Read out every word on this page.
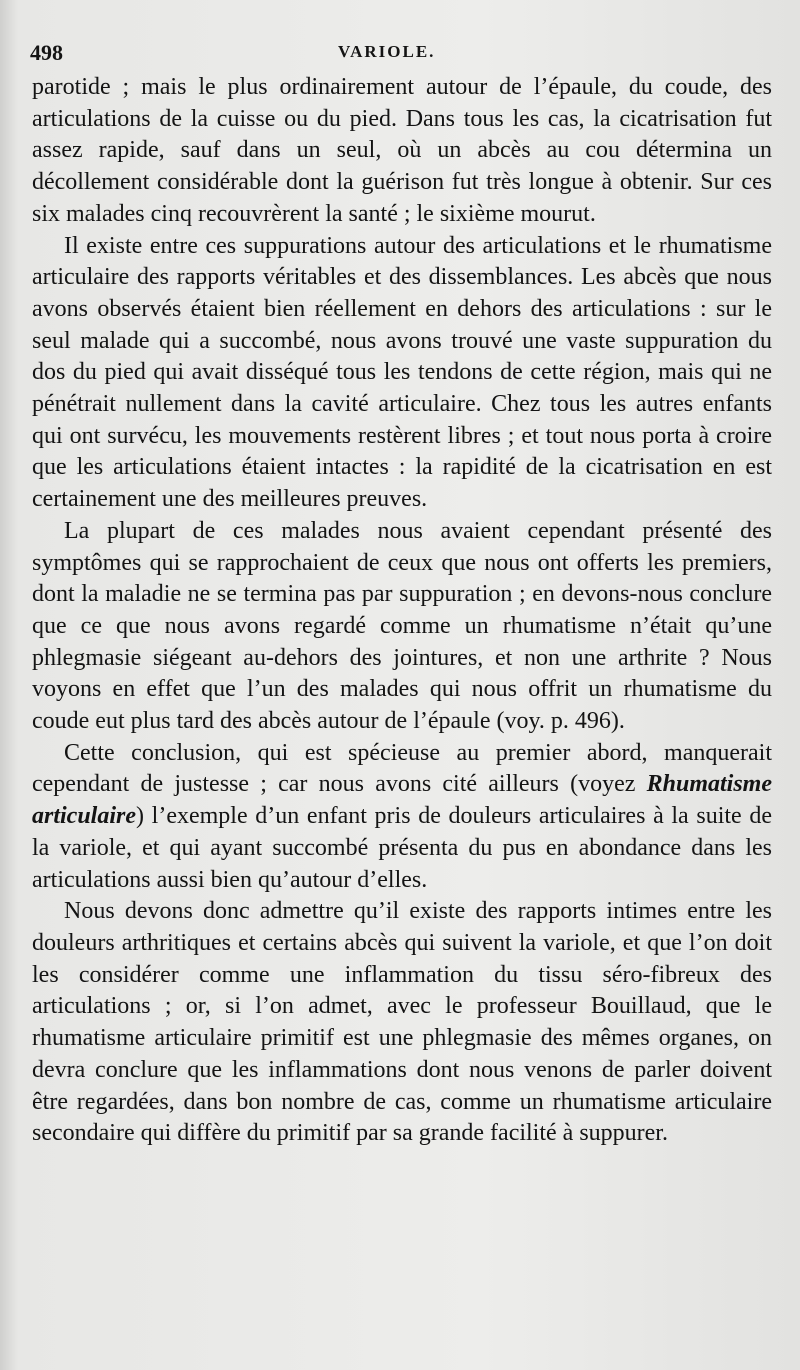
498	VARIOLE.

parotide ; mais le plus ordinairement autour de l’épaule, du coude, des articulations de la cuisse ou du pied. Dans tous les cas, la cicatrisation fut assez rapide, sauf dans un seul, où un abcès au cou détermina un décollement considérable dont la guérison fut très longue à obtenir. Sur ces six malades cinq recouvrèrent la santé ; le sixième mourut.

Il existe entre ces suppurations autour des articulations et le rhumatisme articulaire des rapports véritables et des dissemblances. Les abcès que nous avons observés étaient bien réellement en dehors des articulations : sur le seul malade qui a succombé, nous avons trouvé une vaste suppuration du dos du pied qui avait disséqué tous les tendons de cette région, mais qui ne pénétrait nullement dans la cavité articulaire. Chez tous les autres enfants qui ont survécu, les mouvements restèrent libres ; et tout nous porta à croire que les articulations étaient intactes : la rapidité de la cicatrisation en est certainement une des meilleures preuves.

La plupart de ces malades nous avaient cependant présenté des symptômes qui se rapprochaient de ceux que nous ont offerts les premiers, dont la maladie ne se termina pas par suppuration ; en devons-nous conclure que ce que nous avons regardé comme un rhumatisme n’était qu’une phlegmasie siégeant au-dehors des jointures, et non une arthrite ? Nous voyons en effet que l’un des malades qui nous offrit un rhumatisme du coude eut plus tard des abcès autour de l’épaule (voy. p. 496).

Cette conclusion, qui est spécieuse au premier abord, manquerait cependant de justesse ; car nous avons cité ailleurs (voyez Rhumatisme articulaire) l’exemple d’un enfant pris de douleurs articulaires à la suite de la variole, et qui ayant succombé présenta du pus en abondance dans les articulations aussi bien qu’autour d’elles.

Nous devons donc admettre qu’il existe des rapports intimes entre les douleurs arthritiques et certains abcès qui suivent la variole, et que l’on doit les considérer comme une inflammation du tissu séro-fibreux des articulations ; or, si l’on admet, avec le professeur Bouillaud, que le rhumatisme articulaire primitif est une phlegmasie des mêmes organes, on devra conclure que les inflammations dont nous venons de parler doivent être regardées, dans bon nombre de cas, comme un rhumatisme articulaire secondaire qui diffère du primitif par sa grande facilité à suppurer.
